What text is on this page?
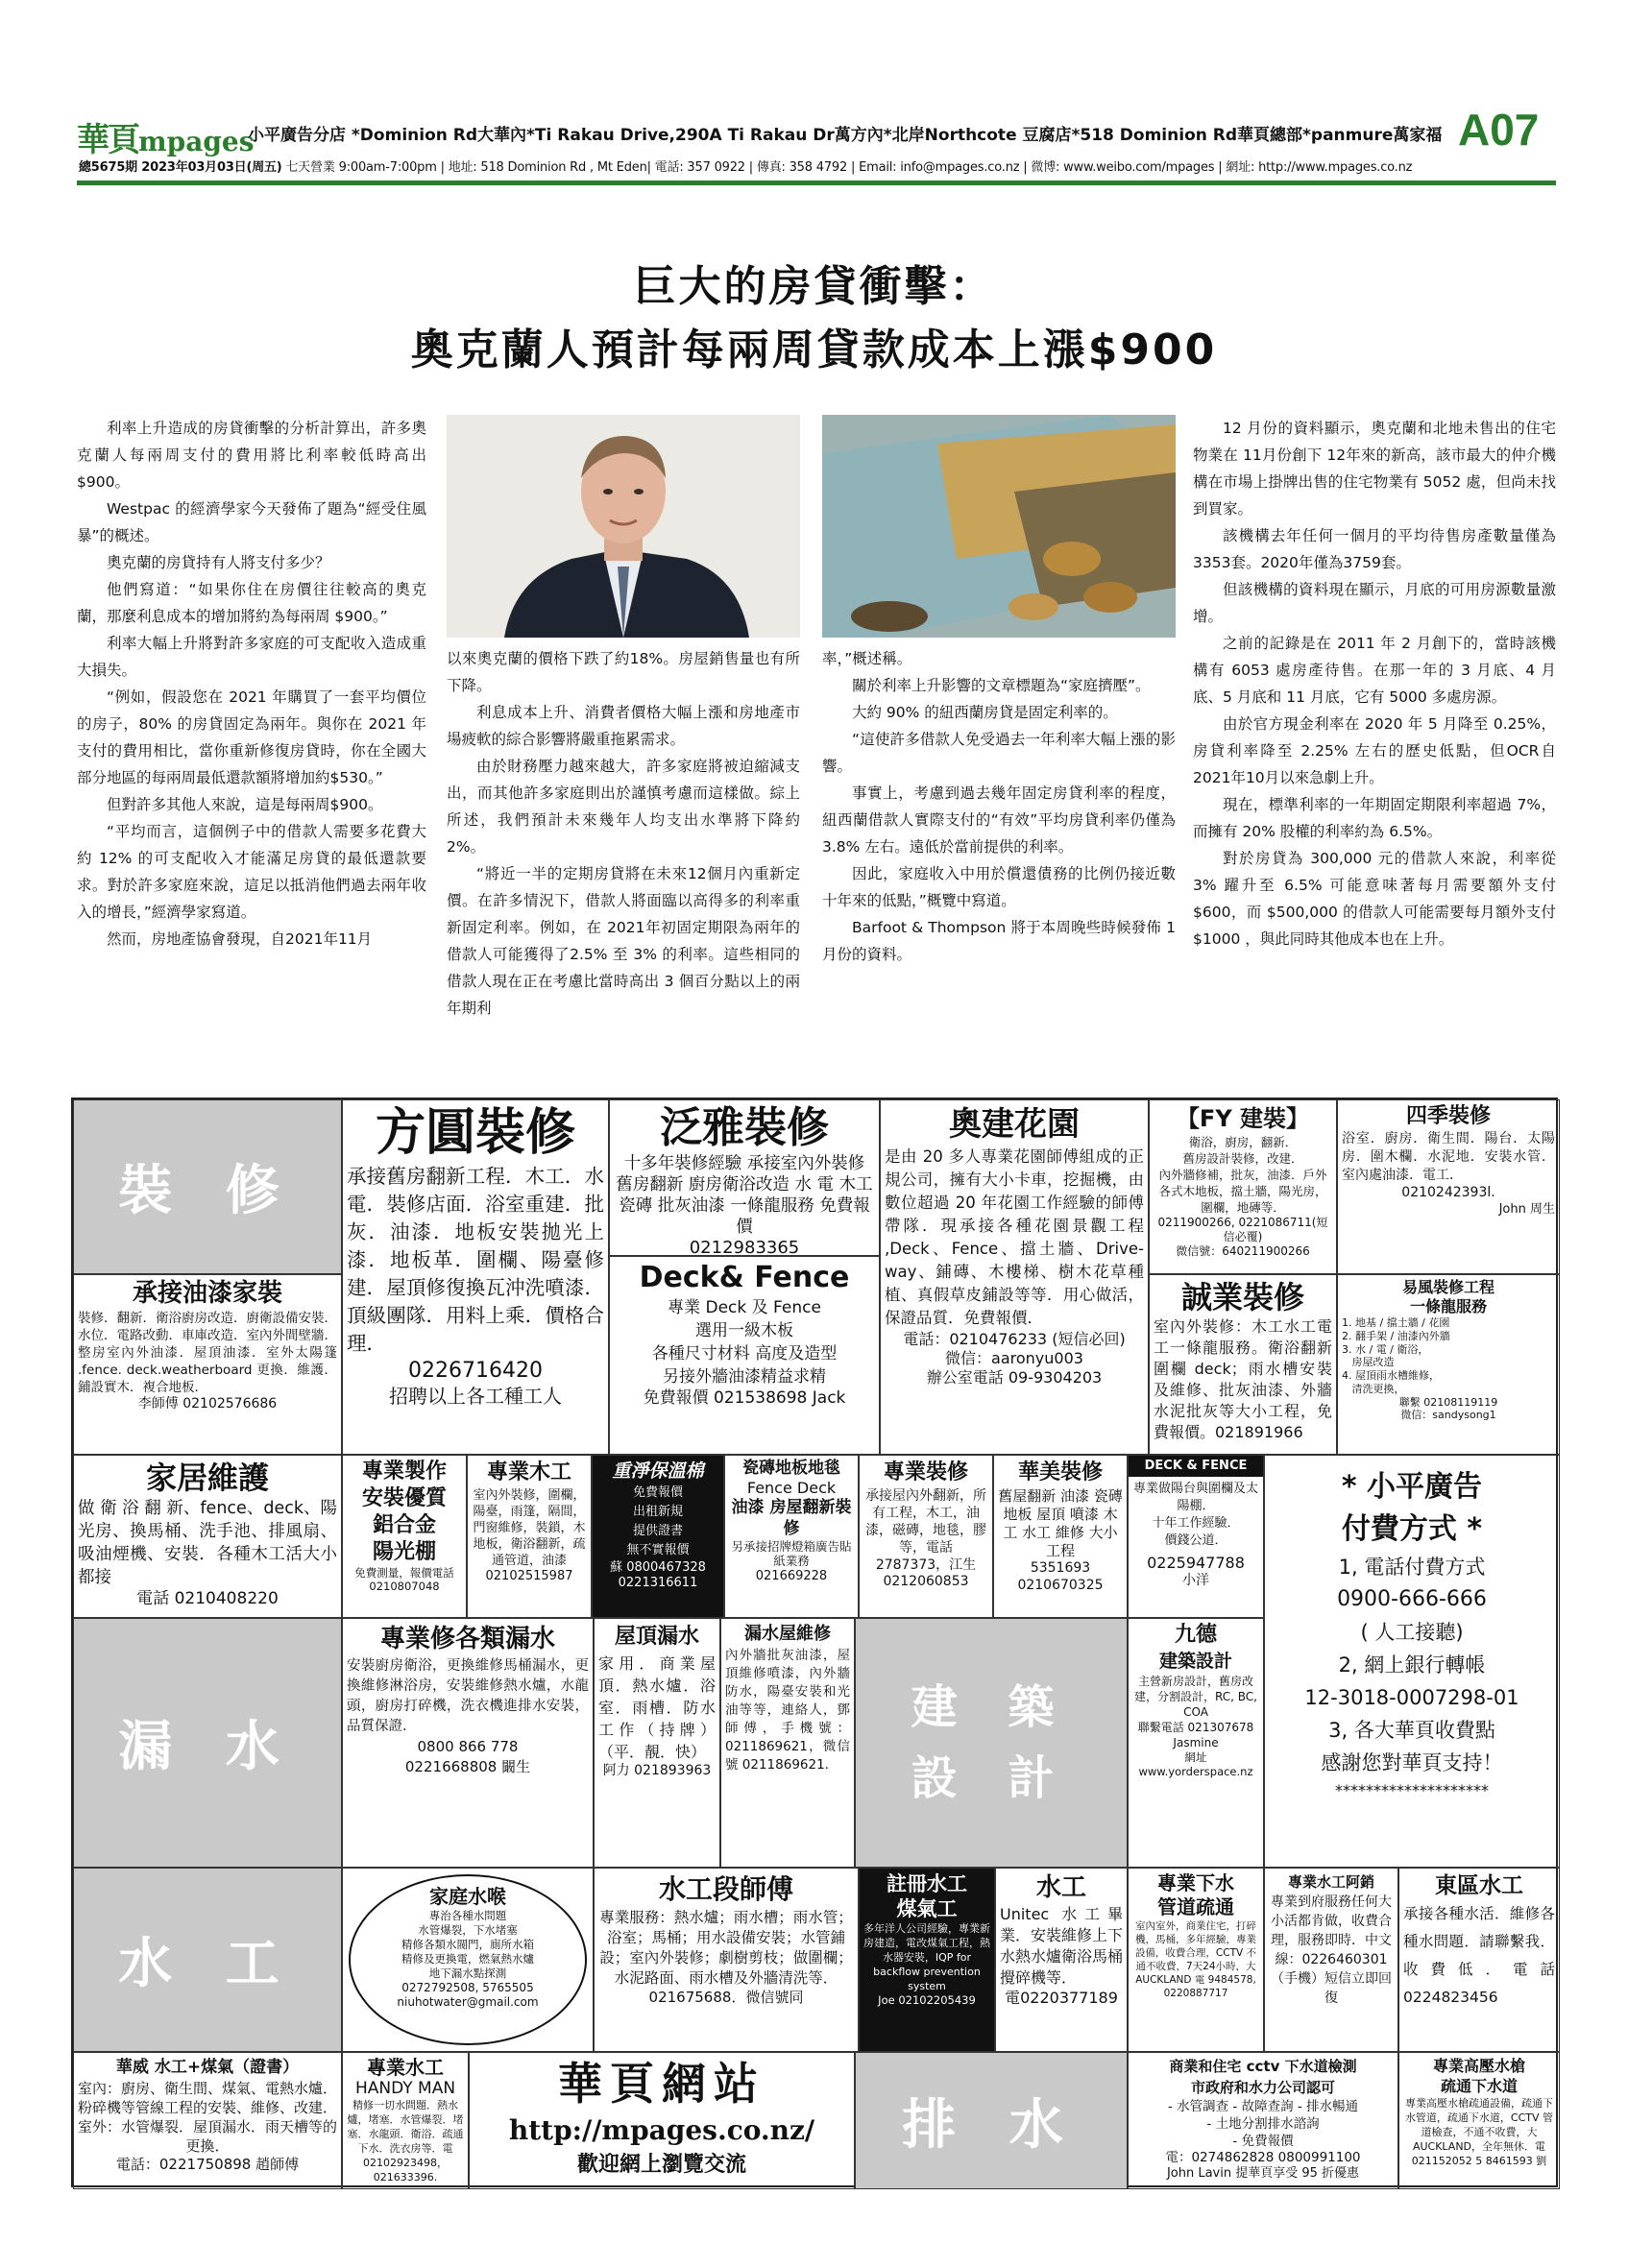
華頁mpages
小平廣告分店 *Dominion Rd大華內*Ti Rakau Drive,290A Ti Rakau Dr萬方內*北岸Northcote 豆腐店*518 Dominion Rd華頁總部*panmure萬家福 A07
總5675期 2023年03月03日(周五) 七天營業 9:00am-7:00pm | 地址: 518 Dominion Rd , Mt Eden| 電話: 357 0922 | 傳真: 358 4792 | Email: info@mpages.co.nz | 微博: www.weibo.com/mpages | 網址: http://www.mpages.co.nz
巨大的房貸衝擊：
奧克蘭人預計每兩周貸款成本上漲$900

利率上升造成的房貸衝擊的分析計算出，許多奧克蘭人每兩周支付的費用將比利率較低時高出 $900。

Westpac 的經濟學家今天發佈了題為“經受住風暴”的概述。

奧克蘭的房貸持有人將支付多少？

他們寫道：“如果你住在房價往往較高的奧克蘭，那麼利息成本的增加將約為每兩周 $900。”

利率大幅上升將對許多家庭的可支配收入造成重大損失。

“例如，假設您在 2021 年購買了一套平均價位的房子，80% 的房貸固定為兩年。與你在 2021 年支付的費用相比，當你重新修復房貸時，你在全國大部分地區的每兩周最低還款額將增加約$530。”

但對許多其他人來說，這是每兩周$900。

“平均而言，這個例子中的借款人需要多花費大約 12% 的可支配收入才能滿足房貸的最低還款要求。對於許多家庭來說，這足以抵消他們過去兩年收入的增長，”經濟學家寫道。

然而，房地產協會發現，自2021年11月

以來奧克蘭的價格下跌了約18%。房屋銷售量也有所下降。

利息成本上升、消費者價格大幅上漲和房地產市場疲軟的綜合影響將嚴重拖累需求。

由於財務壓力越來越大，許多家庭將被迫縮減支出，而其他許多家庭則出於謹慎考慮而這樣做。綜上所述，我們預計未來幾年人均支出水準將下降約 2%。

“將近一半的定期房貸將在未來12個月內重新定價。在許多情況下，借款人將面臨以高得多的利率重新固定利率。例如，在 2021年初固定期限為兩年的借款人可能獲得了2.5% 至 3% 的利率。這些相同的借款人現在正在考慮比當時高出 3 個百分點以上的兩年期利

率，”概述稱。

關於利率上升影響的文章標題為“家庭擠壓”。

大約 90% 的紐西蘭房貸是固定利率的。

“這使許多借款人免受過去一年利率大幅上漲的影響。

事實上，考慮到過去幾年固定房貸利率的程度，紐西蘭借款人實際支付的“有效”平均房貸利率仍僅為 3.8% 左右。遠低於當前提供的利率。

因此，家庭收入中用於償還債務的比例仍接近數十年來的低點，”概覽中寫道。

Barfoot & Thompson 將于本周晚些時候發佈 1月份的資料。

12 月份的資料顯示，奧克蘭和北地未售出的住宅物業在 11月份創下 12年來的新高，該市最大的仲介機構在市場上掛牌出售的住宅物業有 5052 處，但尚未找到買家。

該機構去年任何一個月的平均待售房產數量僅為3353套。2020年僅為3759套。

但該機構的資料現在顯示，月底的可用房源數量激增。

之前的記錄是在 2011 年 2 月創下的，當時該機構有 6053 處房產待售。在那一年的 3 月底、4 月底、5 月底和 11 月底，它有 5000 多處房源。

由於官方現金利率在 2020 年 5 月降至 0.25%，房貸利率降至 2.25% 左右的歷史低點，但OCR自2021年10月以來急劇上升。

現在，標準利率的一年期固定期限利率超過 7%，而擁有 20% 股權的利率約為 6.5%。

對於房貸為 300,000 元的借款人來說，利率從 3% 躍升至 6.5% 可能意味著每月需要額外支付 $600，而 $500,000 的借款人可能需要每月額外支付 $1000 ，與此同時其他成本也在上升。

裝 修
承接油漆家裝
裝修．翻新．衛浴廚房改造．廚衛設備安裝．水位．電路改動．車庫改造．室內外間壁牆．整房室內外油漆．屋頂油漆．室外太陽篷 .fence. deck.weatherboard 更換．維護．鋪設實木．複合地板．
李師傅 02102576686
方圓裝修
承接舊房翻新工程．木工．水電．裝修店面．浴室重建．批灰．油漆．地板安裝拋光上漆．地板革．圍欄、陽臺修建．屋頂修復換瓦沖洗噴漆．頂級團隊．用料上乘．價格合理．
0226716420
招聘以上各工種工人
泛雅裝修
十多年裝修經驗 承接室內外裝修 舊房翻新 廚房衛浴改造 水 電 木工 瓷磚 批灰油漆 一條龍服務 免費報價
0212983365
Deck& Fence
專業 Deck 及 Fence
選用一級木板
各種尺寸材料 高度及造型
另接外牆油漆精益求精
免費報價 021538698 Jack
奧建花園
是由 20 多人專業花園師傅組成的正規公司，擁有大小卡車，挖掘機，由數位超過 20 年花園工作經驗的師傅帶隊．現承接各種花園景觀工程 ,Deck、Fence、擋土牆、Drive-way、鋪磚、木樓梯、樹木花草種植、真假草皮鋪設等等．用心做活，保證品質．免費報價．
電話：0210476233 (短信必回)
微信：aaronyu003
辦公室電話 09-9304203
【FY 建裝】
衛浴，廚房，翻新．
舊房設計裝修，改建．
內外牆修補，批灰，油漆．戶外各式木地板，擋土牆，陽光房，圍欄，地磚等．
0211900266, 0221086711(短信必覆)
微信號：640211900266
誠業裝修
室內外裝修：木工水工電工一條龍服務。衛浴翻新圍欄 deck；雨水槽安裝及維修、批灰油漆、外牆水泥批灰等大小工程，免費報價。021891966
四季裝修
浴室．廚房．衛生間．陽台．太陽房．圍木欄．水泥地．安裝水管．室內處油漆．電工．
0210242393l.
John 周生
易風裝修工程
一條龍服務
1. 地基 / 擋土牆 / 花園
2. 翻手架 / 油漆內外牆
3. 水 / 電 / 衛浴，
房屋改造
4. 屋頂雨水槽維修，
清洗更換，
聯繫 02108119119
微信：sandysong1
家居維護
做 衛 浴 翻 新、fence、deck、陽光房、換馬桶、洗手池、排風扇、吸油煙機、安裝．各種木工活大小都接
電話 0210408220
專業製作
安裝優質
鋁合金
陽光棚
免費測量，報價電話 0210807048
專業木工
室內外裝修，圍欄，陽臺，雨篷，隔間，門窗維修，裝鎖，木地板，衛浴翻新，疏通管道，油漆
02102515987
重淨保溫棉
免費報價
出租新規
提供證書
無不實報價
蘇 0800467328
0221316611
瓷磚地板地毯
Fence Deck
油漆 房屋翻新裝修
另承接招牌燈箱廣告貼紙業務
021669228
專業裝修
承接屋內外翻新，所有工程，木工，油漆，磁磚，地毯，膠等，電話 2787373，江生
0212060853
華美裝修
舊屋翻新 油漆 瓷磚 地板 屋頂 噴漆 木工 水工 維修 大小工程
5351693
0210670325
DECK & FENCE
專業做陽台與圍欄及太陽棚．
十年工作經驗．
價錢公道．
0225947788
小洋
* 小平廣告
付費方式 *
1, 電話付費方式
0900-666-666
( 人工接聽)
2, 網上銀行轉帳
12-3018-0007298-01
3, 各大華頁收費點
感謝您對華頁支持！
********************
漏 水
專業修各類漏水
安裝廚房衛浴，更換維修馬桶漏水，更換維修淋浴房，安裝維修熱水爐，水龍頭，廚房打碎機，洗衣機進排水安裝，品質保證．
0800 866 778
0221668808 闞生
屋頂漏水
家用．商業屋頂．熱水爐．浴室．雨槽．防水工作（持牌）（平．靚．快）
阿力 021893963
漏水屋維修
內外牆批灰油漆，屋頂維修噴漆，內外牆防水，陽臺安裝和光油等等，連絡人，鄧師傅，手機號：0211869621，微信號 0211869621.
建 築
設 計
九德
建築設計
主營新房設計，舊房改建，分割設計，RC, BC, COA
聯繫電話 021307678
Jasmine
網址
www.yorderspace.nz
水 工
家庭水喉
專治各種水問題
水管爆裂，下水堵塞
精修各類水閥門，廁所水箱
精修及更換電，燃氣熱水爐
地下漏水點探測
0272792508, 5765505
niuhotwater@gmail.com
水工段師傅
專業服務：熱水爐；雨水槽；雨水管；浴室；馬桶；用水設備安裝；水管鋪設；室內外裝修；劇樹剪枝；做圍欄；水泥路面、雨水槽及外牆清洗等．
021675688．微信號同
註冊水工
煤氣工
多年洋人公司經驗，專業新房建造，電改煤氣工程，熱水器安裝，IQP for backflow prevention system
Joe 02102205439
水工
Unitec 水工畢業．安裝維修上下水熱水爐衛浴馬桶攪碎機等．
電0220377189
專業下水
管道疏通
室內室外，商業住宅，打碎機，馬桶，多年經驗，專業設備，收費合理，CCTV 不通不收費，7天24小時，大 AUCKLAND 電 9484578, 0220887717
專業水工阿銷
專業到府服務任何大小活都肯做，收費合理，服務即時．中文線：0226460301（手機）短信立即回復
東區水工
承接各種水活．維修各種水問題．請聯繫我．收費低．電話 0224823456
華威 水工+煤氣（證書）
室內：廚房、衛生間、煤氣、電熱水爐．粉碎機等管線工程的安裝、維修、改建．
室外：水管爆裂．屋頂漏水．雨天槽等的更換．
電話：0221750898 趙師傅
專業水工
HANDY MAN
精修一切水問題．熱水爐，堵塞．水管爆裂．堵塞．水龍頭．衛浴．疏通下水．洗衣房等．電 02102923498，021633396.
華頁網站
http://mpages.co.nz/
歡迎網上瀏覽交流
排 水
商業和住宅 cctv 下水道檢測
市政府和水力公司認可
- 水管調查 - 故障查詢 - 排水暢通
- 土地分割排水諮詢
- 免費報價
電：0274862828 0800991100
John Lavin 提華頁享受 95 折優惠
專業高壓水槍
疏通下水道
專業高壓水槍疏通設備，疏通下水管道，疏通下水道，CCTV 管道檢查，不通不收費，大 AUCKLAND，全年無休．電 021152052 5 8461593 劉
